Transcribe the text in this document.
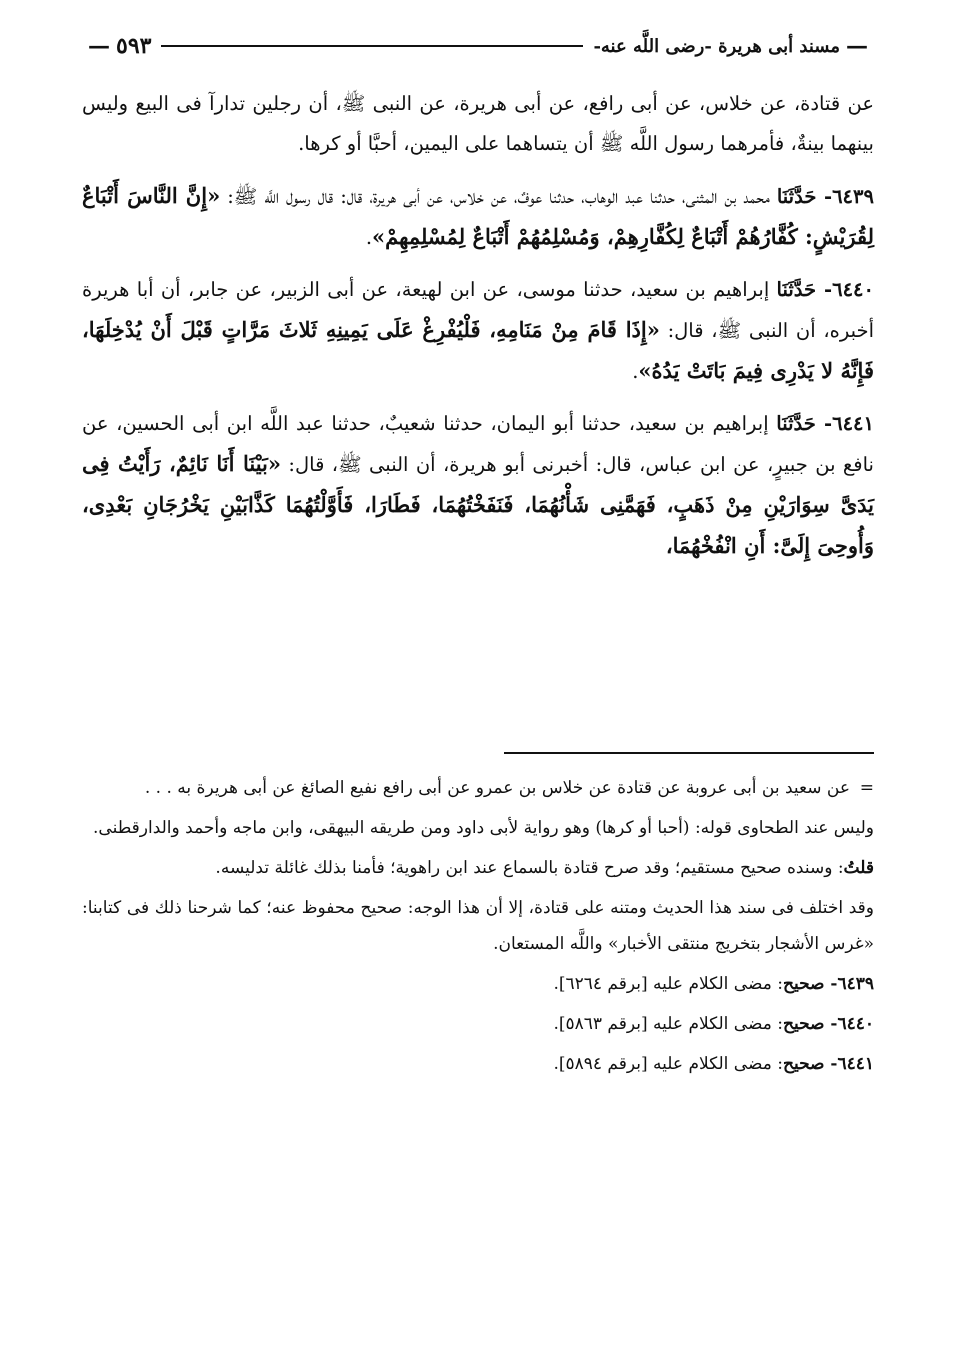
—
مسند أبى هريرة -رضى اللَّه عنه-
٥٩٣
—

عن قتادة، عن خلاس، عن أبى رافع، عن أبى هريرة، عن النبى ﷺ، أن رجلين تدارآ فى البيع وليس بينهما بينةٌ، فأمرهما رسول اللَّه ﷺ أن يتساهما على اليمين، أحبَّا أو كرها.

٦٤٣٩- حَدَّثَنَا محمد بن المثنى، حدثنا عبد الوهاب، حدثنا عوفٌ، عن خلاس، عن أبى هريرة، قال: قال رسول اللَّه ﷺ: «إِنَّ النَّاسَ أَتْبَاعٌ لِقُرَيْشٍ: كُفَّارُهُمْ أَتْبَاعٌ لِكُفَّارِهِمْ، وَمُسْلِمُهُمْ أَتْبَاعٌ لِمُسْلِمِهِمْ».

٦٤٤٠- حَدَّثَنَا إبراهيم بن سعيد، حدثنا موسى، عن ابن لهيعة، عن أبى الزبير، عن جابر، أن أبا هريرة أخبره، أن النبى ﷺ، قال: «إِذَا قَامَ مِنْ مَنَامِهِ، فَلْيُفْرِغْ عَلَى يَمِينِهِ ثَلاثَ مَرَّاتٍ قَبْلَ أَنْ يُدْخِلَهَا، فَإِنَّهُ لا يَدْرِى فِيمَ بَاتَتْ يَدُهُ».

٦٤٤١- حَدَّثَنَا إبراهيم بن سعيد، حدثنا أبو اليمان، حدثنا شعيبٌ، حدثنا عبد اللَّه ابن أبى الحسين، عن نافع بن جبيرٍ، عن ابن عباس، قال: أخبرنى أبو هريرة، أن النبى ﷺ، قال: «بَيْنَا أَنَا نَائِمٌ، رَأَيْتُ فِى يَدَىَّ سِوَارَيْنِ مِنْ ذَهَبٍ، فَهَمَّنِى شَأْنُهُمَا، فَنَفَخْتُهُمَا، فَطَارَا، فَأَوَّلْتُهُمَا كَذَّابَيْنِ يَخْرُجَانِ بَعْدِى، وَأُوحِىَ إِلَىَّ: أَنِ انْفُخْهُمَا،

=عن سعيد بن أبى عروبة عن قتادة عن خلاس بن عمرو عن أبى رافع نفيع الصائغ عن أبى هريرة به . . .

وليس عند الطحاوى قوله: (أحبا أو كرها) وهو رواية لأبى داود ومن طريقه البيهقى، وابن ماجه وأحمد والدارقطنى.

قلتُ: وسنده صحيح مستقيم؛ وقد صرح قتادة بالسماع عند ابن راهوية؛ فأمنا بذلك غائلة تدليسه.

وقد اختلف فى سند هذا الحديث ومتنه على قتادة، إلا أن هذا الوجه: صحيح محفوظ عنه؛ كما شرحنا ذلك فى كتابنا: «غرس الأشجار بتخريج منتقى الأخبار» واللَّه المستعان.

٦٤٣٩- صحيح: مضى الكلام عليه [برقم ٦٢٦٤].

٦٤٤٠- صحيح: مضى الكلام عليه [برقم ٥٨٦٣].

٦٤٤١- صحيح: مضى الكلام عليه [برقم ٥٨٩٤].
